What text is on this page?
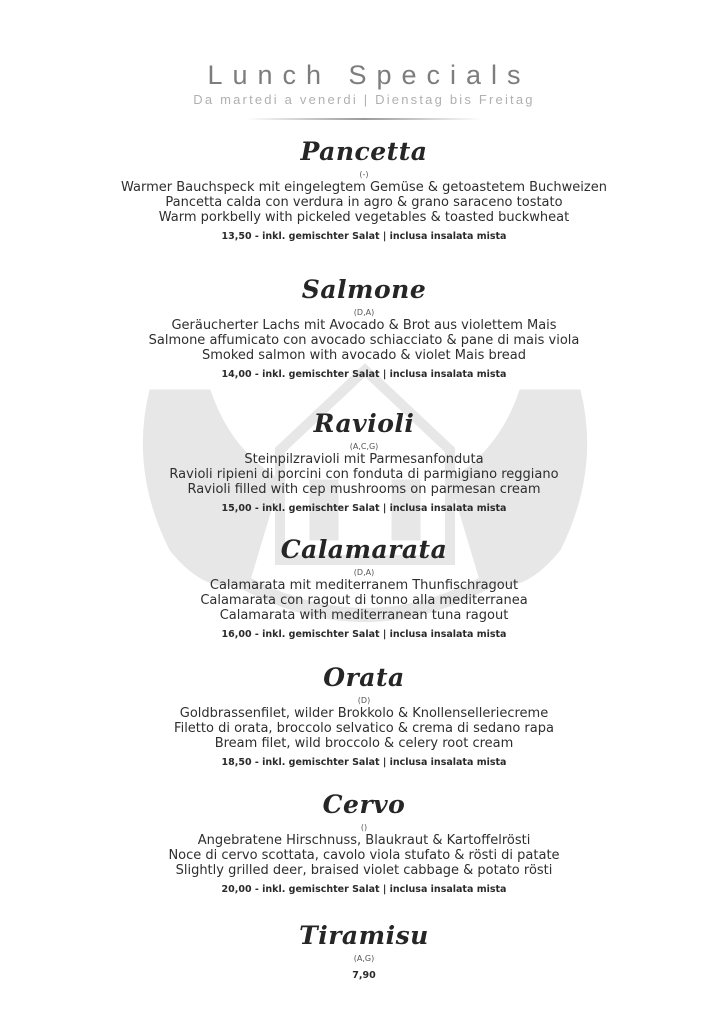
Lunch Specials
Da martedi a venerdi | Dienstag bis Freitag
Pancetta
(-)
Warmer Bauchspeck mit eingelegtem Gemüse & getoastetem Buchweizen
Pancetta calda con verdura in agro & grano saraceno tostato
Warm porkbelly with pickeled vegetables & toasted buckwheat
13,50 - inkl. gemischter Salat | inclusa insalata mista
Salmone
(D,A)
Geräucherter Lachs mit Avocado & Brot aus violettem Mais
Salmone affumicato con avocado schiacciato & pane di mais viola
Smoked salmon with avocado & violet Mais bread
14,00 - inkl. gemischter Salat | inclusa insalata mista
Ravioli
(A,C,G)
Steinpilzravioli mit Parmesanfonduta
Ravioli ripieni di porcini con fonduta di parmigiano reggiano
Ravioli filled with cep mushrooms on parmesan cream
15,00 - inkl. gemischter Salat | inclusa insalata mista
Calamarata
(D,A)
Calamarata mit mediterranem Thunfischragout
Calamarata con ragout di tonno alla mediterranea
Calamarata with mediterranean tuna ragout
16,00 - inkl. gemischter Salat | inclusa insalata mista
Orata
(D)
Goldbrassenfilet, wilder Brokkolo & Knollenselleriecreme
Filetto di orata, broccolo selvatico & crema di sedano rapa
Bream filet, wild broccolo & celery root cream
18,50 - inkl. gemischter Salat | inclusa insalata mista
Cervo
()
Angebratene Hirschnuss, Blaukraut & Kartoffelrösti
Noce di cervo scottata, cavolo viola stufato & rösti di patate
Slightly grilled deer, braised violet cabbage & potato rösti
20,00 - inkl. gemischter Salat | inclusa insalata mista
Tiramisu
(A,G)
7,90
